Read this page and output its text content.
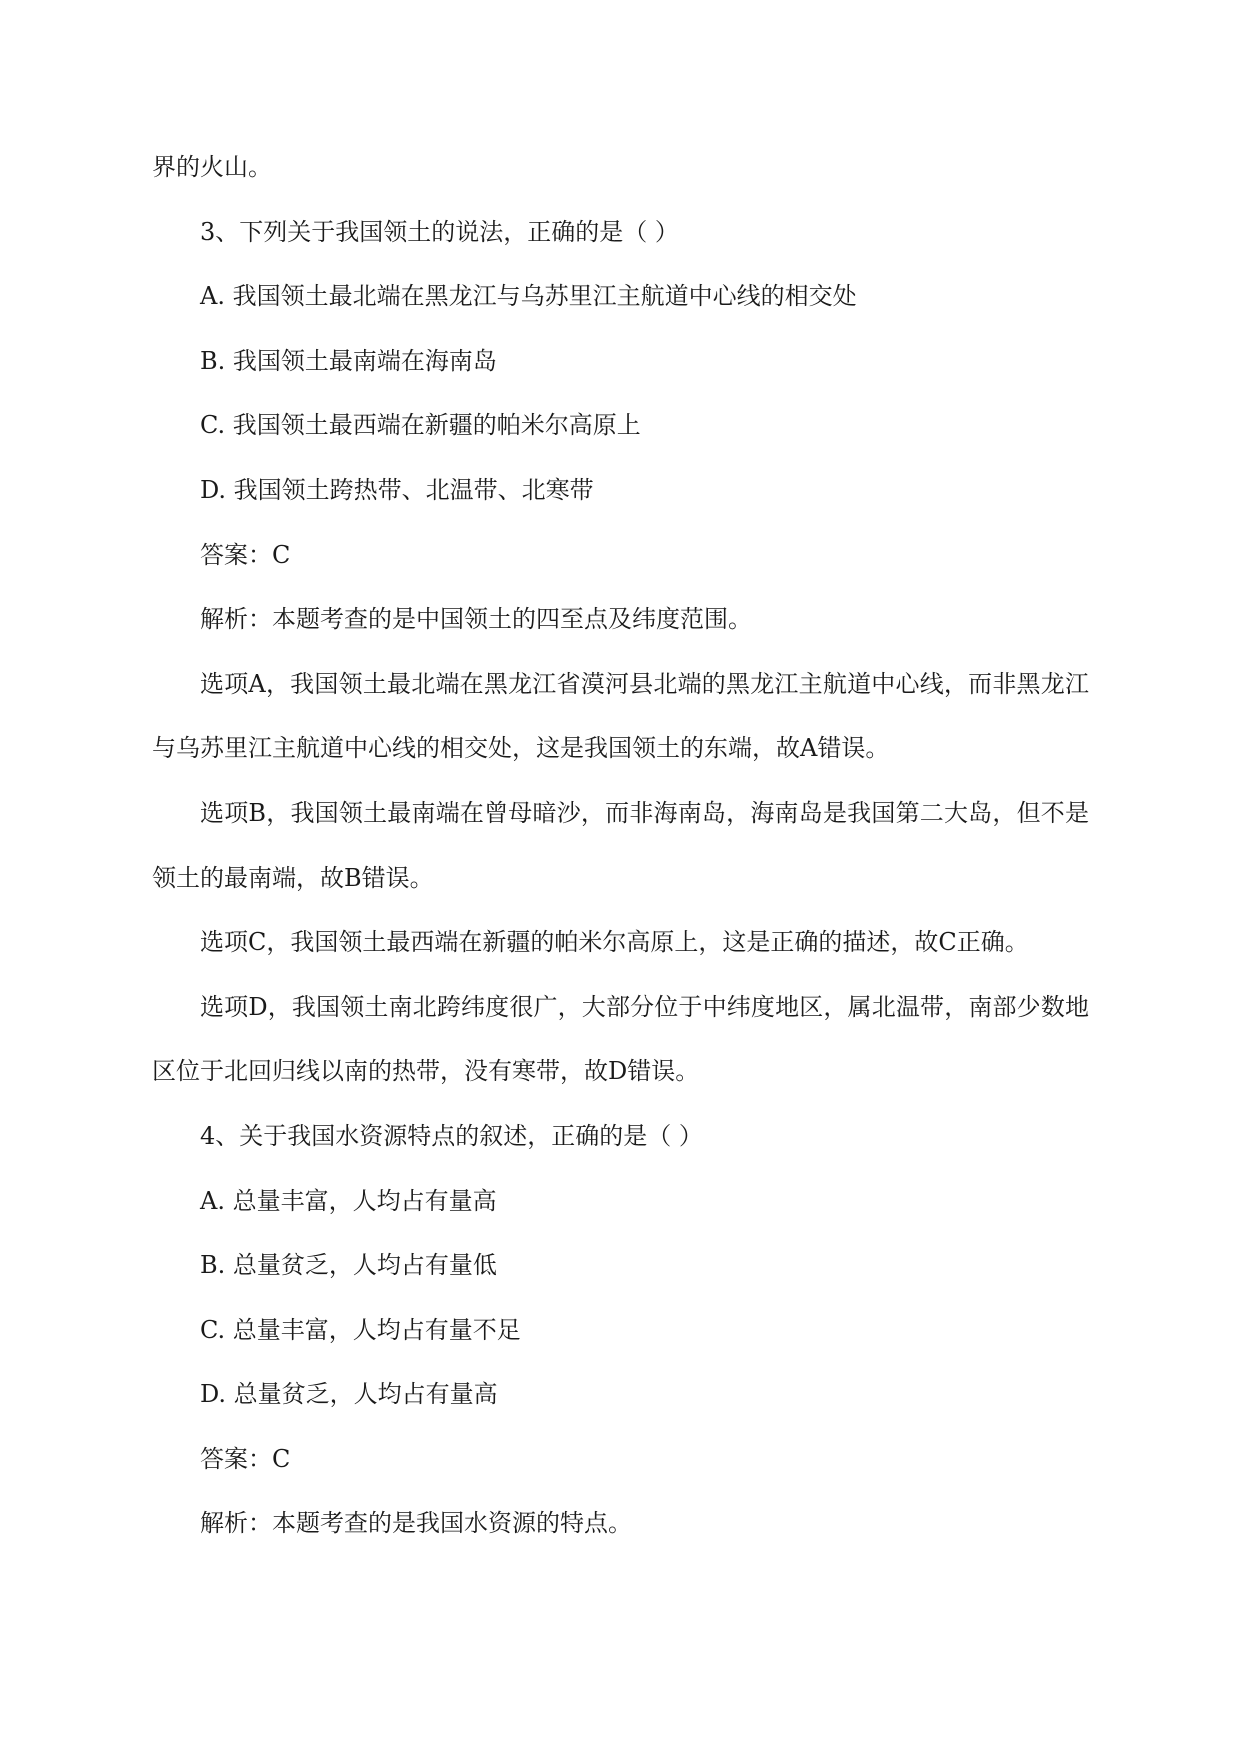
界的火山。

3、下列关于我国领土的说法，正确的是（ ）

A. 我国领土最北端在黑龙江与乌苏里江主航道中心线的相交处

B. 我国领土最南端在海南岛

C. 我国领土最西端在新疆的帕米尔高原上

D. 我国领土跨热带、北温带、北寒带

答案：C

解析：本题考查的是中国领土的四至点及纬度范围。

选项A，我国领土最北端在黑龙江省漠河县北端的黑龙江主航道中心线，而非黑龙江与乌苏里江主航道中心线的相交处，这是我国领土的东端，故A错误。

选项B，我国领土最南端在曾母暗沙，而非海南岛，海南岛是我国第二大岛，但不是领土的最南端，故B错误。

选项C，我国领土最西端在新疆的帕米尔高原上，这是正确的描述，故C正确。

选项D，我国领土南北跨纬度很广，大部分位于中纬度地区，属北温带，南部少数地区位于北回归线以南的热带，没有寒带，故D错误。

4、关于我国水资源特点的叙述，正确的是（ ）

A. 总量丰富，人均占有量高

B. 总量贫乏，人均占有量低

C. 总量丰富，人均占有量不足

D. 总量贫乏，人均占有量高

答案：C

解析：本题考查的是我国水资源的特点。
